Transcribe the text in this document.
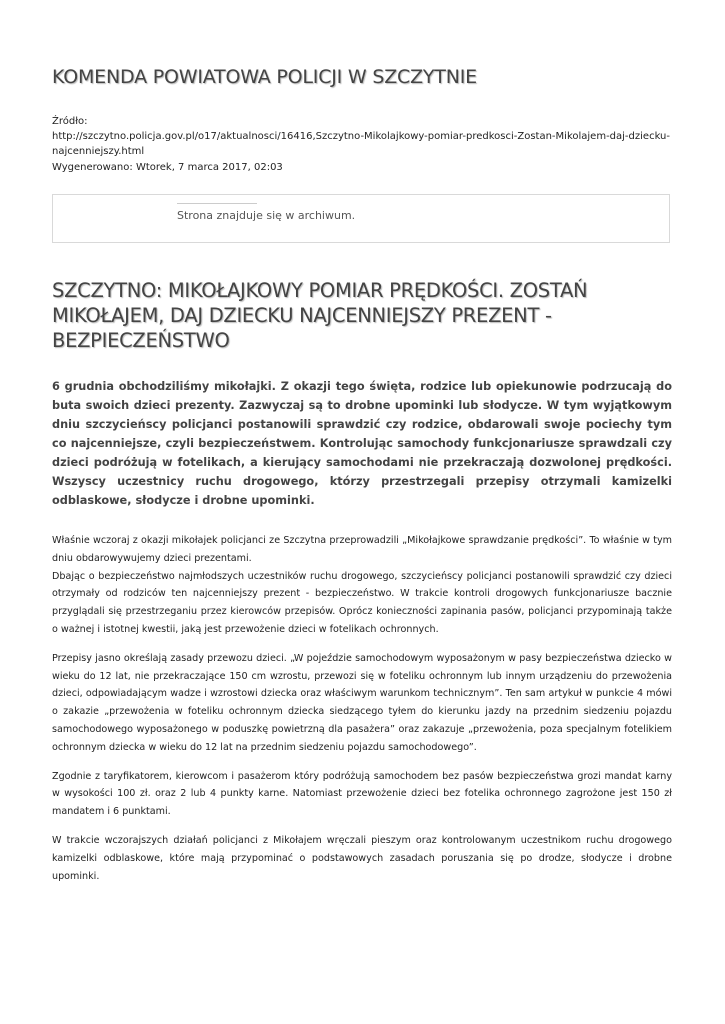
KOMENDA POWIATOWA POLICJI W SZCZYTNIE
Źródło:
http://szczytno.policja.gov.pl/o17/aktualnosci/16416,Szczytno-Mikolajkowy-pomiar-predkosci-Zostan-Mikolajem-daj-dziecku-najcenniejszy.html
Wygenerowano: Wtorek, 7 marca 2017, 02:03
Strona znajduje się w archiwum.
SZCZYTNO: MIKOŁAJKOWY POMIAR PRĘDKOŚCI. ZOSTAŃ MIKOŁAJEM, DAJ DZIECKU NAJCENNIEJSZY PREZENT - BEZPIECZEŃSTWO

6 grudnia obchodziliśmy mikołajki. Z okazji tego święta, rodzice lub opiekunowie podrzucają do buta swoich dzieci prezenty. Zazwyczaj są to drobne upominki lub słodycze. W tym wyjątkowym dniu szczycieńscy policjanci postanowili sprawdzić czy rodzice, obdarowali swoje pociechy tym co najcenniejsze, czyli bezpieczeństwem. Kontrolując samochody funkcjonariusze sprawdzali czy dzieci podróżują w fotelikach, a kierujący samochodami nie przekraczają dozwolonej prędkości. Wszyscy uczestnicy ruchu drogowego, którzy przestrzegali przepisy otrzymali kamizelki odblaskowe, słodycze i drobne upominki.

Właśnie wczoraj z okazji mikołajek policjanci ze Szczytna przeprowadzili „Mikołajkowe sprawdzanie prędkości”. To właśnie w tym dniu obdarowywujemy dzieci prezentami.
Dbając o bezpieczeństwo najmłodszych uczestników ruchu drogowego, szczycieńscy policjanci postanowili sprawdzić czy dzieci otrzymały od rodziców ten najcenniejszy prezent - bezpieczeństwo. W trakcie kontroli drogowych funkcjonariusze bacznie przyglądali się przestrzeganiu przez kierowców przepisów. Oprócz konieczności zapinania pasów, policjanci przypominają także o ważnej i istotnej kwestii, jaką jest przewożenie dzieci w fotelikach ochronnych.

Przepisy jasno określają zasady przewozu dzieci. „W pojeździe samochodowym wyposażonym w pasy bezpieczeństwa dziecko w wieku do 12 lat, nie przekraczające 150 cm wzrostu, przewozi się w foteliku ochronnym lub innym urządzeniu do przewożenia dzieci, odpowiadającym wadze i wzrostowi dziecka oraz właściwym warunkom technicznym”. Ten sam artykuł w punkcie 4 mówi o zakazie „przewożenia w foteliku ochronnym dziecka siedzącego tyłem do kierunku jazdy na przednim siedzeniu pojazdu samochodowego wyposażonego w poduszkę powietrzną dla pasażera” oraz zakazuje „przewożenia, poza specjalnym fotelikiem ochronnym dziecka w wieku do 12 lat na przednim siedzeniu pojazdu samochodowego”.

Zgodnie z taryfikatorem, kierowcom i pasażerom który podróżują samochodem bez pasów bezpieczeństwa grozi mandat karny w wysokości 100 zł. oraz 2 lub 4 punkty karne. Natomiast przewożenie dzieci bez fotelika ochronnego zagrożone jest 150 zł mandatem i 6 punktami.

W trakcie wczorajszych działań policjanci z Mikołajem wręczali pieszym oraz kontrolowanym uczestnikom ruchu drogowego kamizelki odblaskowe, które mają przypominać o podstawowych zasadach poruszania się po drodze, słodycze i drobne upominki.
